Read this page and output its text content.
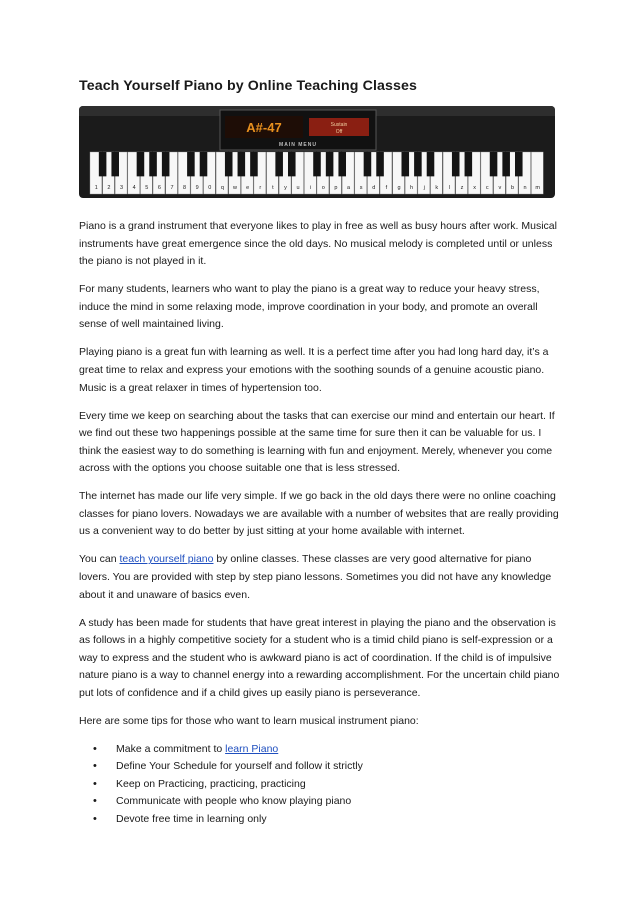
Teach Yourself Piano by Online Teaching Classes
A#-47	Sustain
Off
MAIN MENU
1 2 3 4 5 6 7 8 9 0 q w e r t y u i o p a s d f g h j k l z x c v b n m

Piano is a grand instrument that everyone likes to play in free as well as busy hours after work. Musical instruments have great emergence since the old days. No musical melody is completed until or unless the piano is not played in it.

For many students, learners who want to play the piano is a great way to reduce your heavy stress, induce the mind in some relaxing mode, improve coordination in your body, and promote an overall sense of well maintained living.

Playing piano is a great fun with learning as well. It is a perfect time after you had long hard day, it’s a great time to relax and express your emotions with the soothing sounds of a genuine acoustic piano. Music is a great relaxer in times of hypertension too.

Every time we keep on searching about the tasks that can exercise our mind and entertain our heart. If we find out these two happenings possible at the same time for sure then it can be valuable for us. I think the easiest way to do something is learning with fun and enjoyment. Merely, whenever you come across with the options you choose suitable one that is less stressed.

The internet has made our life very simple. If we go back in the old days there were no online coaching classes for piano lovers. Nowadays we are available with a number of websites that are really providing us a convenient way to do better by just sitting at your home available with internet.

You can teach yourself piano by online classes. These classes are very good alternative for piano lovers. You are provided with step by step piano lessons. Sometimes you did not have any knowledge about it and unaware of basics even.

A study has been made for students that have great interest in playing the piano and the observation is as follows in a highly competitive society for a student who is a timid child piano is self-expression or a way to express and the student who is awkward piano is act of coordination. If the child is of impulsive nature piano is a way to channel energy into a rewarding accomplishment. For the uncertain child piano put lots of confidence and if a child gives up easily piano is perseverance.

Here are some tips for those who want to learn musical instrument piano:

• Make a commitment to learn Piano
• Define Your Schedule for yourself and follow it strictly
• Keep on Practicing, practicing, practicing
• Communicate with people who know playing piano
• Devote free time in learning only
